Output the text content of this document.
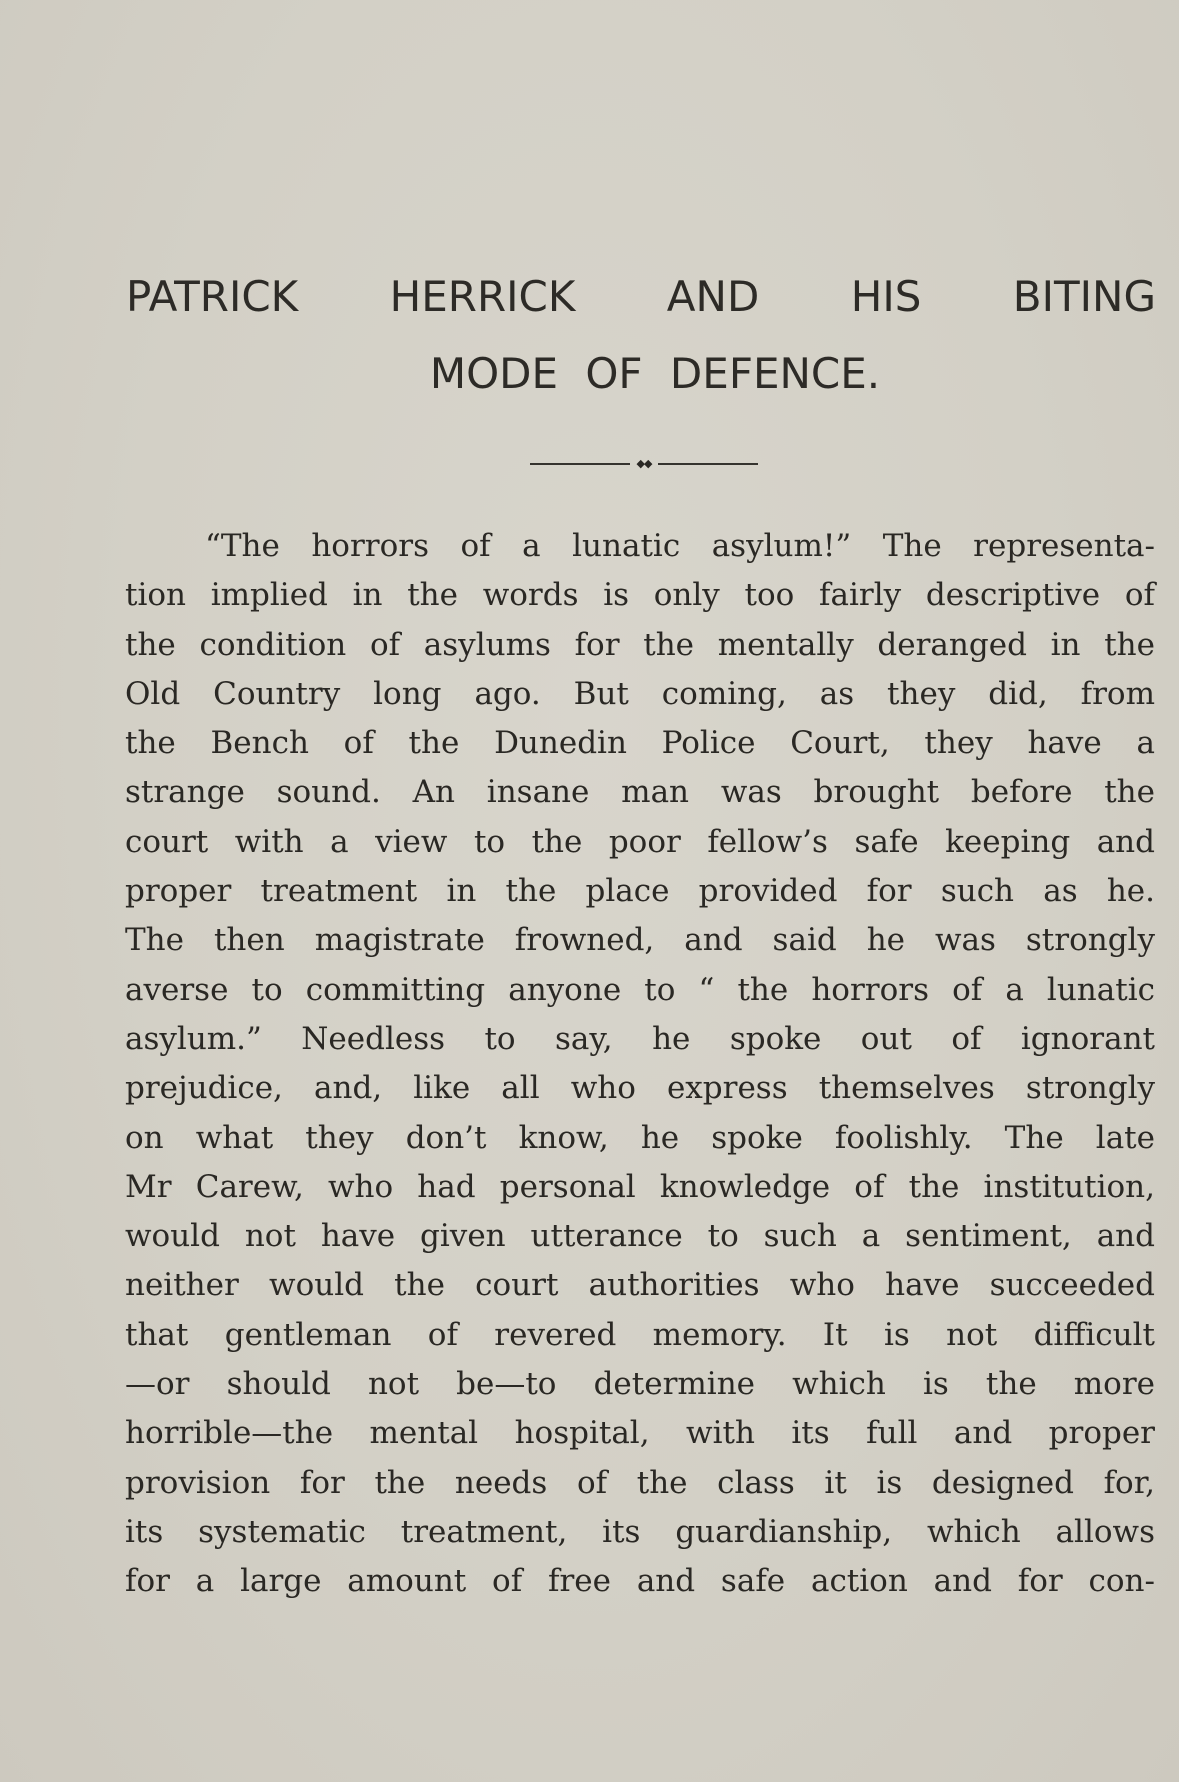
PATRICK HERRICK AND HIS BITING
MODE OF DEFENCE.
◆◆
“The horrors of a lunatic asylum!” The representa-
tion implied in the words is only too fairly descriptive of
the condition of asylums for the mentally deranged in the
Old Country long ago. But coming, as they did, from
the Bench of the Dunedin Police Court, they have a
strange sound. An insane man was brought before the
court with a view to the poor fellow’s safe keeping and
proper treatment in the place provided for such as he.
The then magistrate frowned, and said he was strongly
averse to committing anyone to “ the horrors of a lunatic
asylum.” Needless to say, he spoke out of ignorant
prejudice, and, like all who express themselves strongly
on what they don’t know, he spoke foolishly. The late
Mr Carew, who had personal knowledge of the institution,
would not have given utterance to such a sentiment, and
neither would the court authorities who have succeeded
that gentleman of revered memory. It is not difficult
—or should not be—to determine which is the more
horrible—the mental hospital, with its full and proper
provision for the needs of the class it is designed for,
its systematic treatment, its guardianship, which allows
for a large amount of free and safe action and for con-
